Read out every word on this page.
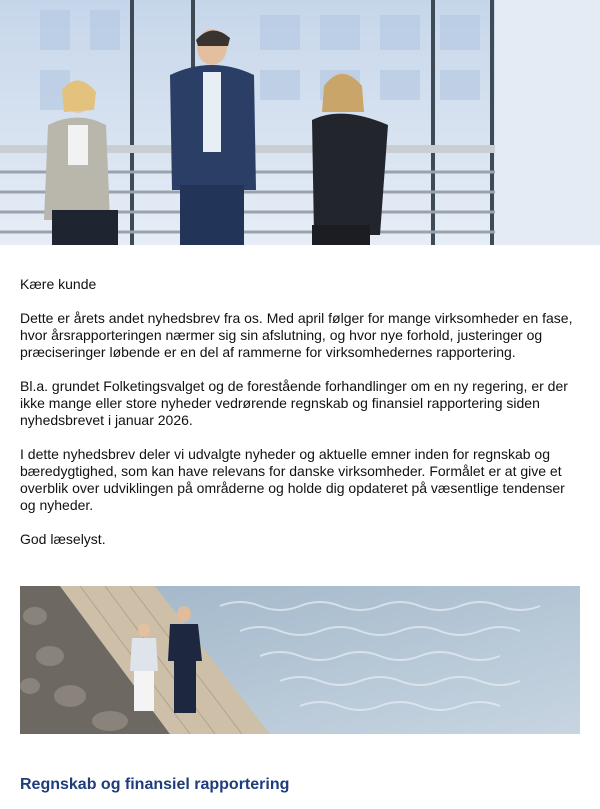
Kære kunde

Dette er årets andet nyhedsbrev fra os. Med april følger for mange virksomheder en fase, hvor årsrapporteringen nærmer sig sin afslutning, og hvor nye forhold, justeringer og præciseringer løbende er en del af rammerne for virksomhedernes rapportering.

Bl.a. grundet Folketingsvalget og de forestående forhandlinger om en ny regering, er der ikke mange eller store nyheder vedrørende regnskab og finansiel rapportering siden nyhedsbrevet i januar 2026.

I dette nyhedsbrev deler vi udvalgte nyheder og aktuelle emner inden for regnskab og bæredygtighed, som kan have relevans for danske virksomheder. Formålet er at give et overblik over udviklingen på områderne og holde dig opdateret på væsentlige tendenser og nyheder.

God læselyst.

Regnskab og finansiel rapportering
